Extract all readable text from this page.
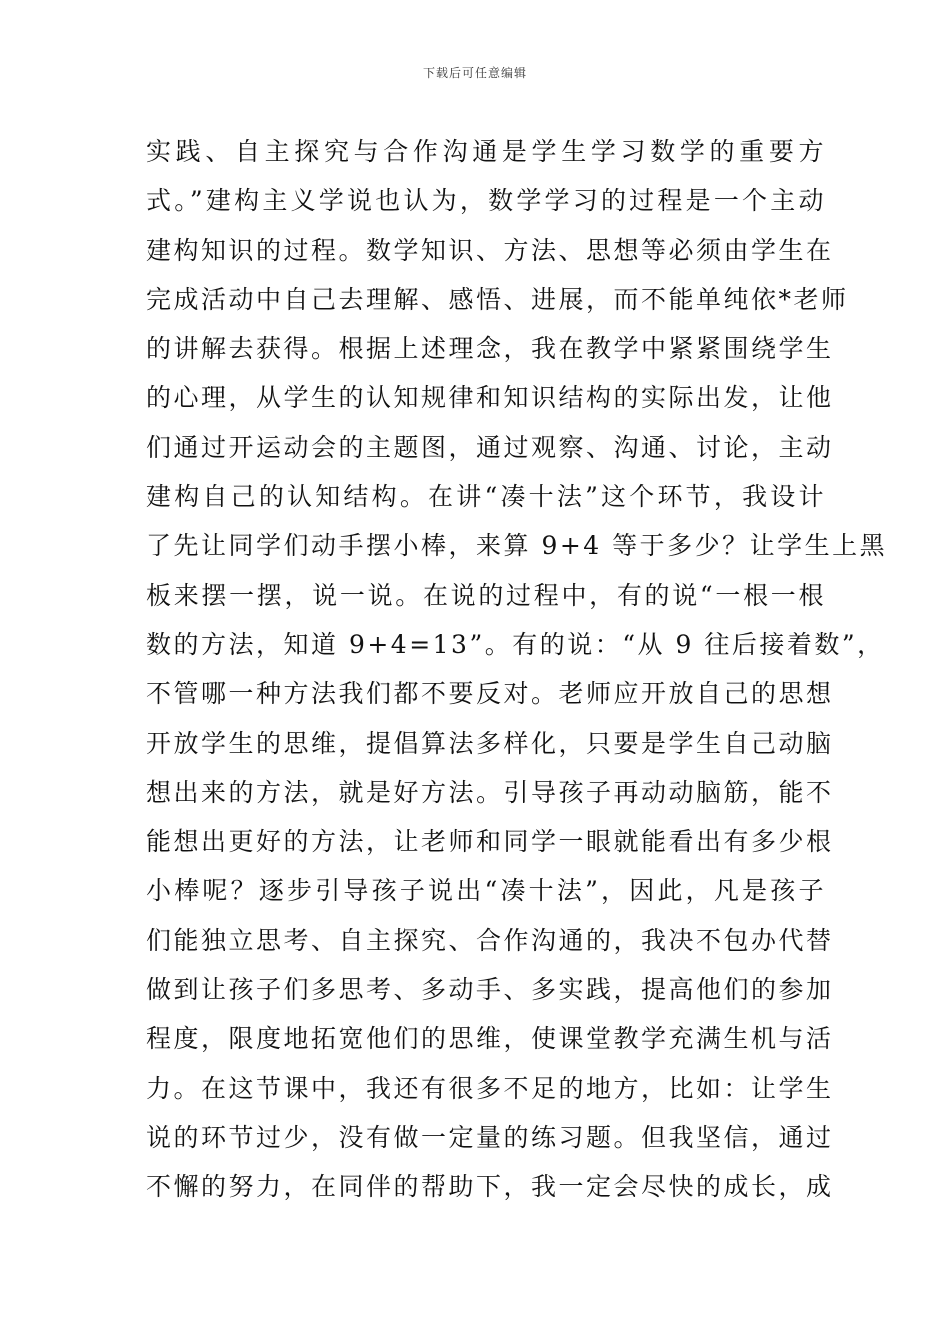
下载后可任意编辑
实践、自主探究与合作沟通是学生学习数学的重要方
式。”建构主义学说也认为，数学学习的过程是一个主动
建构知识的过程。数学知识、方法、思想等必须由学生在
完成活动中自己去理解、感悟、进展，而不能单纯依*老师
的讲解去获得。根据上述理念，我在教学中紧紧围绕学生
的心理，从学生的认知规律和知识结构的实际出发，让他
们通过开运动会的主题图，通过观察、沟通、讨论，主动
建构自己的认知结构。在讲“凑十法”这个环节，我设计
了先让同学们动手摆小棒，来算 9+4 等于多少？让学生上黑
板来摆一摆，说一说。在说的过程中，有的说“一根一根
数的方法，知道 9+4=13”。有的说：“从 9 往后接着数”，
不管哪一种方法我们都不要反对。老师应开放自己的思想
开放学生的思维，提倡算法多样化，只要是学生自己动脑
想出来的方法，就是好方法。引导孩子再动动脑筋，能不
能想出更好的方法，让老师和同学一眼就能看出有多少根
小棒呢？逐步引导孩子说出“凑十法”，因此，凡是孩子
们能独立思考、自主探究、合作沟通的，我决不包办代替
做到让孩子们多思考、多动手、多实践，提高他们的参加
程度，限度地拓宽他们的思维，使课堂教学充满生机与活
力。在这节课中，我还有很多不足的地方，比如：让学生
说的环节过少，没有做一定量的练习题。但我坚信，通过
不懈的努力，在同伴的帮助下，我一定会尽快的成长，成
